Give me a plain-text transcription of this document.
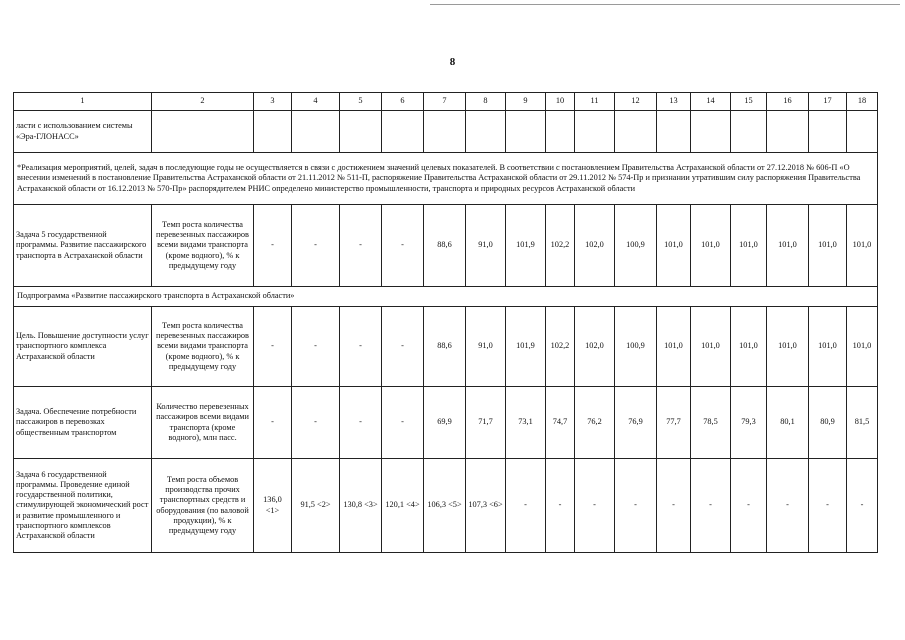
8
1	2	3	4	5	6	7	8	9	10	11	12	13	14	15	16	17	18
ласти с использованием системы «Эра-ГЛОНАСС»																	
*Реализация мероприятий, целей, задач в последующие годы не осуществляется в связи с достижением значений целевых показателей. В соответствии с постановлением Правительства Астраханской области от 27.12.2018 № 606-П «О внесении изменений в постановление Правительства Астраханской области от 21.11.2012 № 511-П, распоряжение Правительства Астраханской области от 29.11.2012 № 574-Пр и признании утратившим силу распоряжения Правительства Астраханской области от 16.12.2013 № 570-Пр» распорядителем РНИС определено министерство промышленности, транспорта и природных ресурсов Астраханской области																	
Задача 5 государственной программы. Развитие пассажирского транспорта в Астраханской области	Темп роста количества перевезенных пассажиров всеми видами транспорта (кроме водного), % к предыдущему году	-	-	-	-	88,6	91,0	101,9	102,2	102,0	100,9	101,0	101,0	101,0	101,0	101,0	101,0
Подпрограмма «Развитие пассажирского транспорта в Астраханской области»																	
Цель. Повышение доступности услуг транспортного комплекса Астраханской области	Темп роста количества перевезенных пассажиров всеми видами транспорта (кроме водного), % к предыдущему году	-	-	-	-	88,6	91,0	101,9	102,2	102,0	100,9	101,0	101,0	101,0	101,0	101,0	101,0
Задача. Обеспечение потребности пассажиров в перевозках общественным транспортом	Количество перевезенных пассажиров всеми видами транспорта (кроме водного), млн пасс.	-	-	-	-	69,9	71,7	73,1	74,7	76,2	76,9	77,7	78,5	79,3	80,1	80,9	81,5
Задача 6 государственной программы. Проведение единой государственной политики, стимулирующей экономический рост и развитие промышленного и транспортного комплексов Астраханской области	Темп роста объемов производства прочих транспортных средств и оборудования (по валовой продукции), % к предыдущему году	136,0 <1>	91,5 <2>	130,8 <3>	120,1 <4>	106,3 <5>	107,3 <6>	-	-	-	-	-	-	-	-	-	-
